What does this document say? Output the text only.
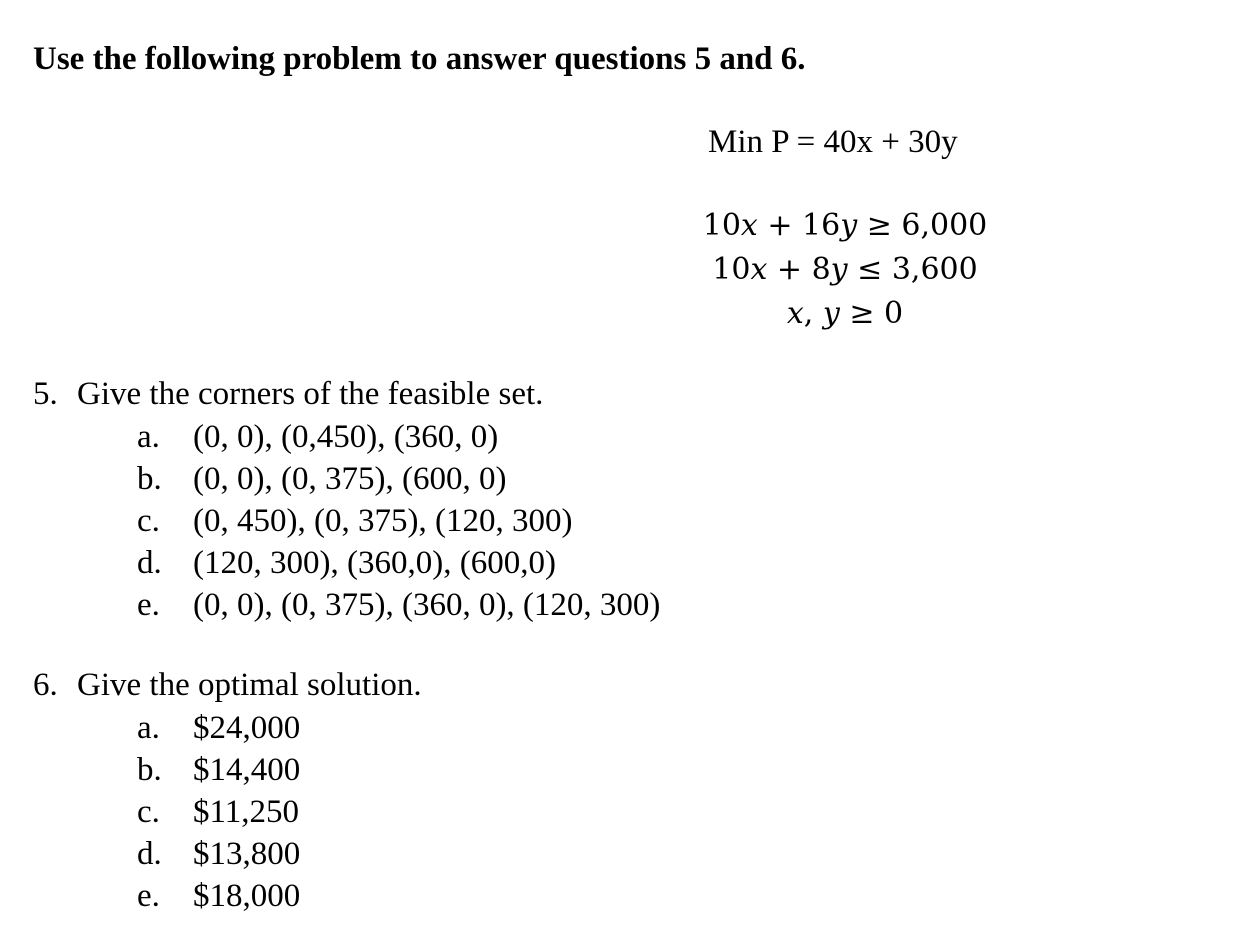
Use the following problem to answer questions 5 and 6.
Min P = 40x + 30y
10𝑥 + 16𝑦 ≥ 6,000
10𝑥 + 8𝑦 ≤ 3,600
𝑥, 𝑦 ≥ 0
5. Give the corners of the feasible set.
a. (0, 0), (0,450), (360, 0)
b. (0, 0), (0, 375), (600, 0)
c. (0, 450), (0, 375), (120, 300)
d. (120, 300), (360,0), (600,0)
e. (0, 0), (0, 375), (360, 0), (120, 300)
6. Give the optimal solution.
a. $24,000
b. $14,400
c. $11,250
d. $13,800
e. $18,000
